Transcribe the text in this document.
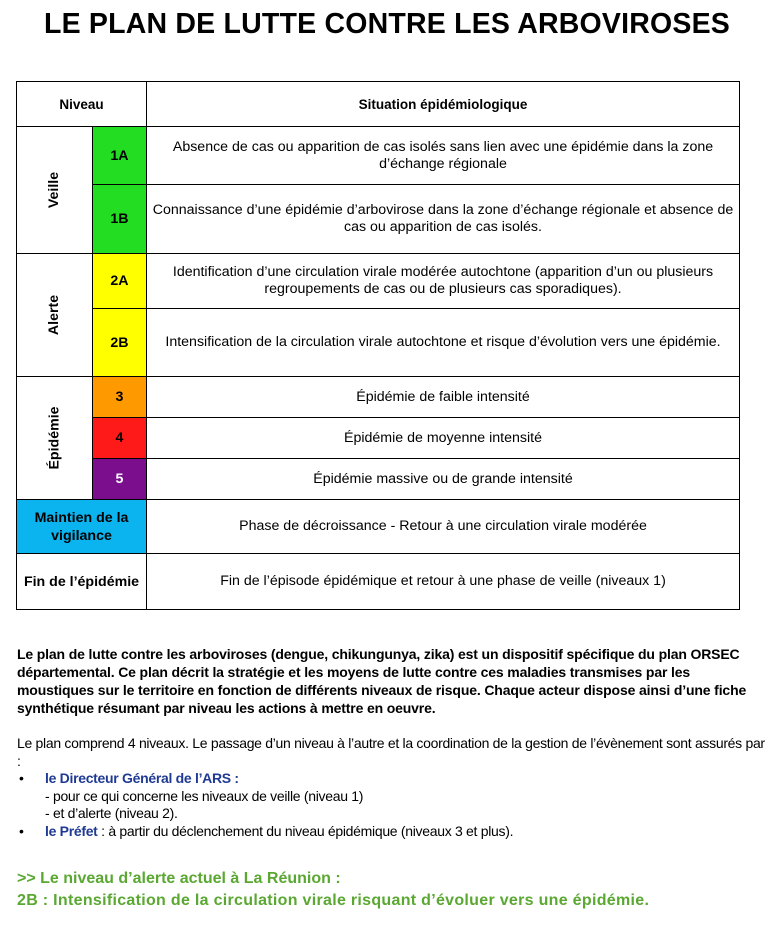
LE PLAN DE LUTTE CONTRE LES ARBOVIROSES
Niveau		Situation épidémiologique
Veille	1A	Absence de cas ou apparition de cas isolés sans lien avec une épidémie dans la zone d’échange régionale
	1B	Connaissance d’une épidémie d’arbovirose dans la zone d’échange régionale et absence de cas ou apparition de cas isolés.
Alerte	2A	Identification d’une circulation virale modérée autochtone (apparition d’un ou plusieurs regroupements de cas ou de plusieurs cas sporadiques).
	2B	Intensification de la circulation virale autochtone et risque d’évolution vers une épidémie.
Épidémie	3	Épidémie de faible intensité
	4	Épidémie de moyenne intensité
	5	Épidémie massive ou de grande intensité
Maintien de la vigilance		Phase de décroissance - Retour à une circulation virale modérée
Fin de l’épidémie		Fin de l’épisode épidémique et retour à une phase de veille (niveaux 1)
Le plan de lutte contre les arboviroses (dengue, chikungunya, zika) est un dispositif spécifique du plan ORSEC départemental. Ce plan décrit la stratégie et les moyens de lutte contre ces maladies transmises par les moustiques sur le territoire en fonction de différents niveaux de risque. Chaque acteur dispose ainsi d’une fiche synthétique résumant par niveau les actions à mettre en oeuvre.
Le plan comprend 4 niveaux. Le passage d’un niveau à l’autre et la coordination de la gestion de l’évènement sont assurés par :
• le Directeur Général de l’ARS :
- pour ce qui concerne les niveaux de veille (niveau 1)
- et d’alerte (niveau 2).
• le Préfet : à partir du déclenchement du niveau épidémique (niveaux 3 et plus).
>> Le niveau d’alerte actuel à La Réunion :
2B : Intensification de la circulation virale risquant d’évoluer vers une épidémie.
